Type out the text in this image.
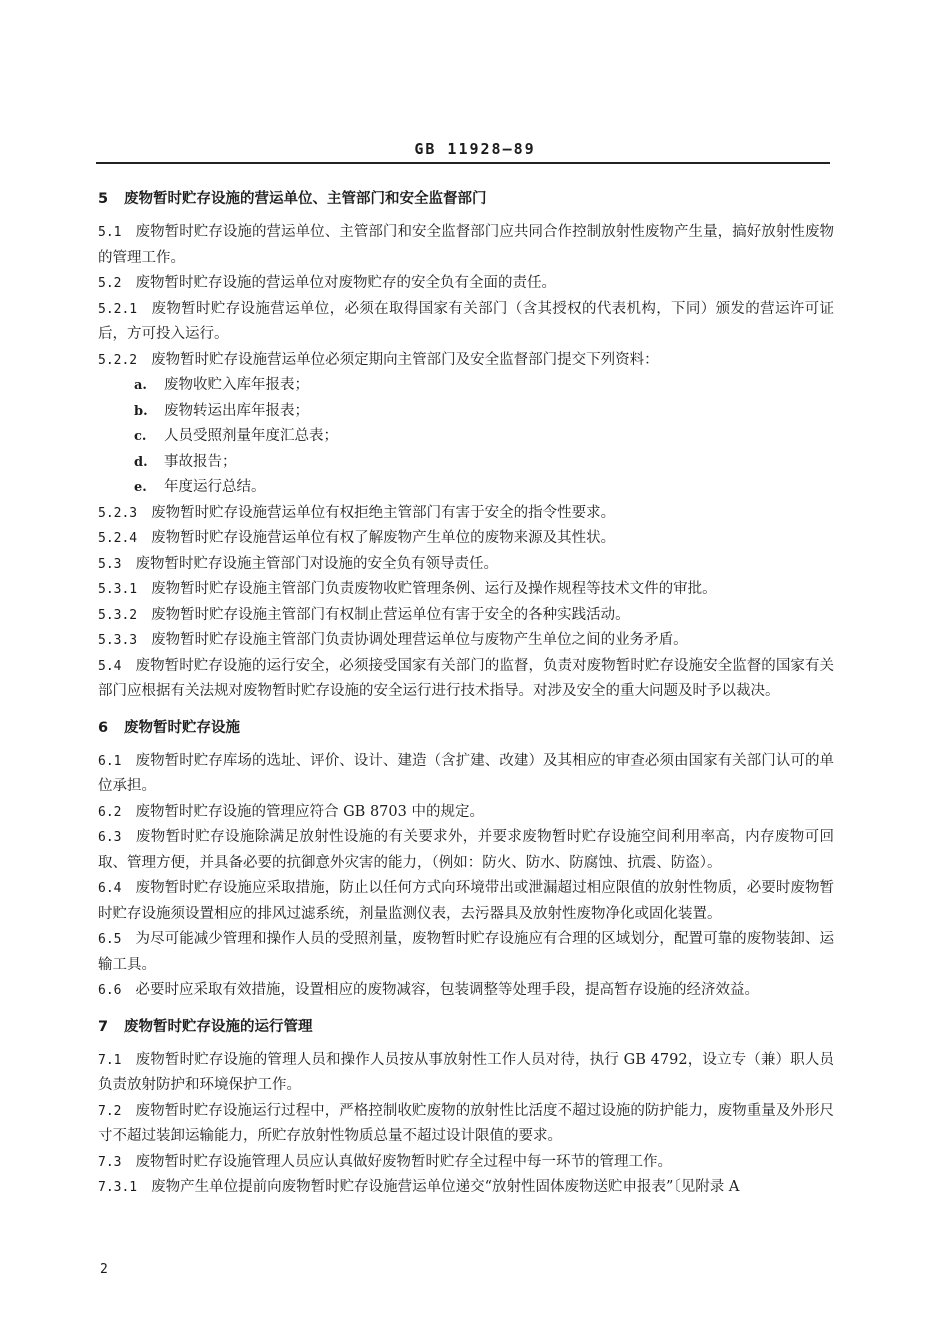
GB 11928—89
5 废物暂时贮存设施的营运单位、主管部门和安全监督部门

5.1 废物暂时贮存设施的营运单位、主管部门和安全监督部门应共同合作控制放射性废物产生量，搞好放射性废物的管理工作。

5.2 废物暂时贮存设施的营运单位对废物贮存的安全负有全面的责任。

5.2.1 废物暂时贮存设施营运单位，必须在取得国家有关部门（含其授权的代表机构，下同）颁发的营运许可证后，方可投入运行。

5.2.2 废物暂时贮存设施营运单位必须定期向主管部门及安全监督部门提交下列资料：

a. 废物收贮入库年报表；

b. 废物转运出库年报表；

c. 人员受照剂量年度汇总表；

d. 事故报告；

e. 年度运行总结。

5.2.3 废物暂时贮存设施营运单位有权拒绝主管部门有害于安全的指令性要求。

5.2.4 废物暂时贮存设施营运单位有权了解废物产生单位的废物来源及其性状。

5.3 废物暂时贮存设施主管部门对设施的安全负有领导责任。

5.3.1 废物暂时贮存设施主管部门负责废物收贮管理条例、运行及操作规程等技术文件的审批。

5.3.2 废物暂时贮存设施主管部门有权制止营运单位有害于安全的各种实践活动。

5.3.3 废物暂时贮存设施主管部门负责协调处理营运单位与废物产生单位之间的业务矛盾。

5.4 废物暂时贮存设施的运行安全，必须接受国家有关部门的监督，负责对废物暂时贮存设施安全监督的国家有关部门应根据有关法规对废物暂时贮存设施的安全运行进行技术指导。对涉及安全的重大问题及时予以裁决。

6 废物暂时贮存设施

6.1 废物暂时贮存库场的选址、评价、设计、建造（含扩建、改建）及其相应的审查必须由国家有关部门认可的单位承担。

6.2 废物暂时贮存设施的管理应符合 GB 8703 中的规定。

6.3 废物暂时贮存设施除满足放射性设施的有关要求外，并要求废物暂时贮存设施空间利用率高，内存废物可回取、管理方便，并具备必要的抗御意外灾害的能力，（例如：防火、防水、防腐蚀、抗震、防盗）。

6.4 废物暂时贮存设施应采取措施，防止以任何方式向环境带出或泄漏超过相应限值的放射性物质，必要时废物暂时贮存设施须设置相应的排风过滤系统，剂量监测仪表，去污器具及放射性废物净化或固化装置。

6.5 为尽可能减少管理和操作人员的受照剂量，废物暂时贮存设施应有合理的区域划分，配置可靠的废物装卸、运输工具。

6.6 必要时应采取有效措施，设置相应的废物减容，包装调整等处理手段，提高暂存设施的经济效益。

7 废物暂时贮存设施的运行管理

7.1 废物暂时贮存设施的管理人员和操作人员按从事放射性工作人员对待，执行 GB 4792，设立专（兼）职人员负责放射防护和环境保护工作。

7.2 废物暂时贮存设施运行过程中，严格控制收贮废物的放射性比活度不超过设施的防护能力，废物重量及外形尺寸不超过装卸运输能力，所贮存放射性物质总量不超过设计限值的要求。

7.3 废物暂时贮存设施管理人员应认真做好废物暂时贮存全过程中每一环节的管理工作。

7.3.1 废物产生单位提前向废物暂时贮存设施营运单位递交“放射性固体废物送贮申报表”〔见附录 A

2
